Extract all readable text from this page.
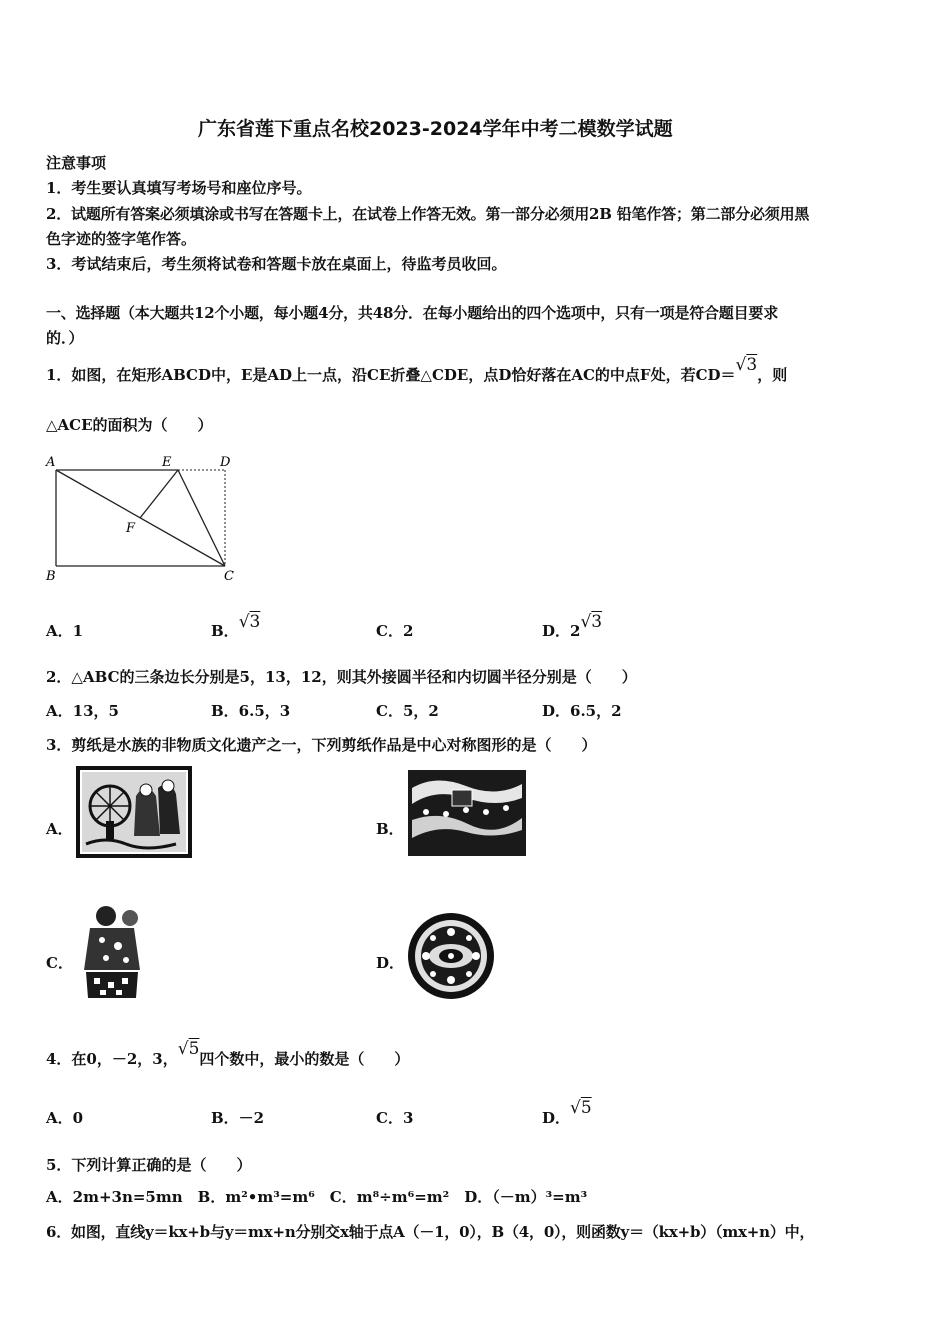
广东省莲下重点名校2023-2024学年中考二模数学试题
注意事项
1．考生要认真填写考场号和座位序号。
2．试题所有答案必须填涂或书写在答题卡上，在试卷上作答无效。第一部分必须用2B 铅笔作答；第二部分必须用黑
色字迹的签字笔作答。
3．考试结束后，考生须将试卷和答题卡放在桌面上，待监考员收回。
一、选择题（本大题共12个小题，每小题4分，共48分．在每小题给出的四个选项中，只有一项是符合题目要求
的．）
1．如图，在矩形ABCD中，E是AD上一点，沿CE折叠△CDE，点D恰好落在AC的中点F处，若CD＝√3，则
△ACE的面积为（　　）
A	E	D
F
B	C
A．1	B．√3	C．2	D．2√3
2．△ABC的三条边长分别是5，13，12，则其外接圆半径和内切圆半径分别是（　　）
A．13，5	B．6.5，3	C．5，2	D．6.5，2
3．剪纸是水族的非物质文化遗产之一，下列剪纸作品是中心对称图形的是（　　）
A．	B．
C．	D．
4．在0，－2，3，√5四个数中，最小的数是（　　）
A．0	B．－2	C．3	D．√5
5．下列计算正确的是（　　）
A．2m+3n=5mn　B．m²•m³=m⁶　C．m⁸÷m⁶=m²　D．（－m）³=m³
6．如图，直线y＝kx+b与y＝mx+n分别交x轴于点A（－1，0），B（4，0），则函数y＝（kx+b）（mx+n）中，
